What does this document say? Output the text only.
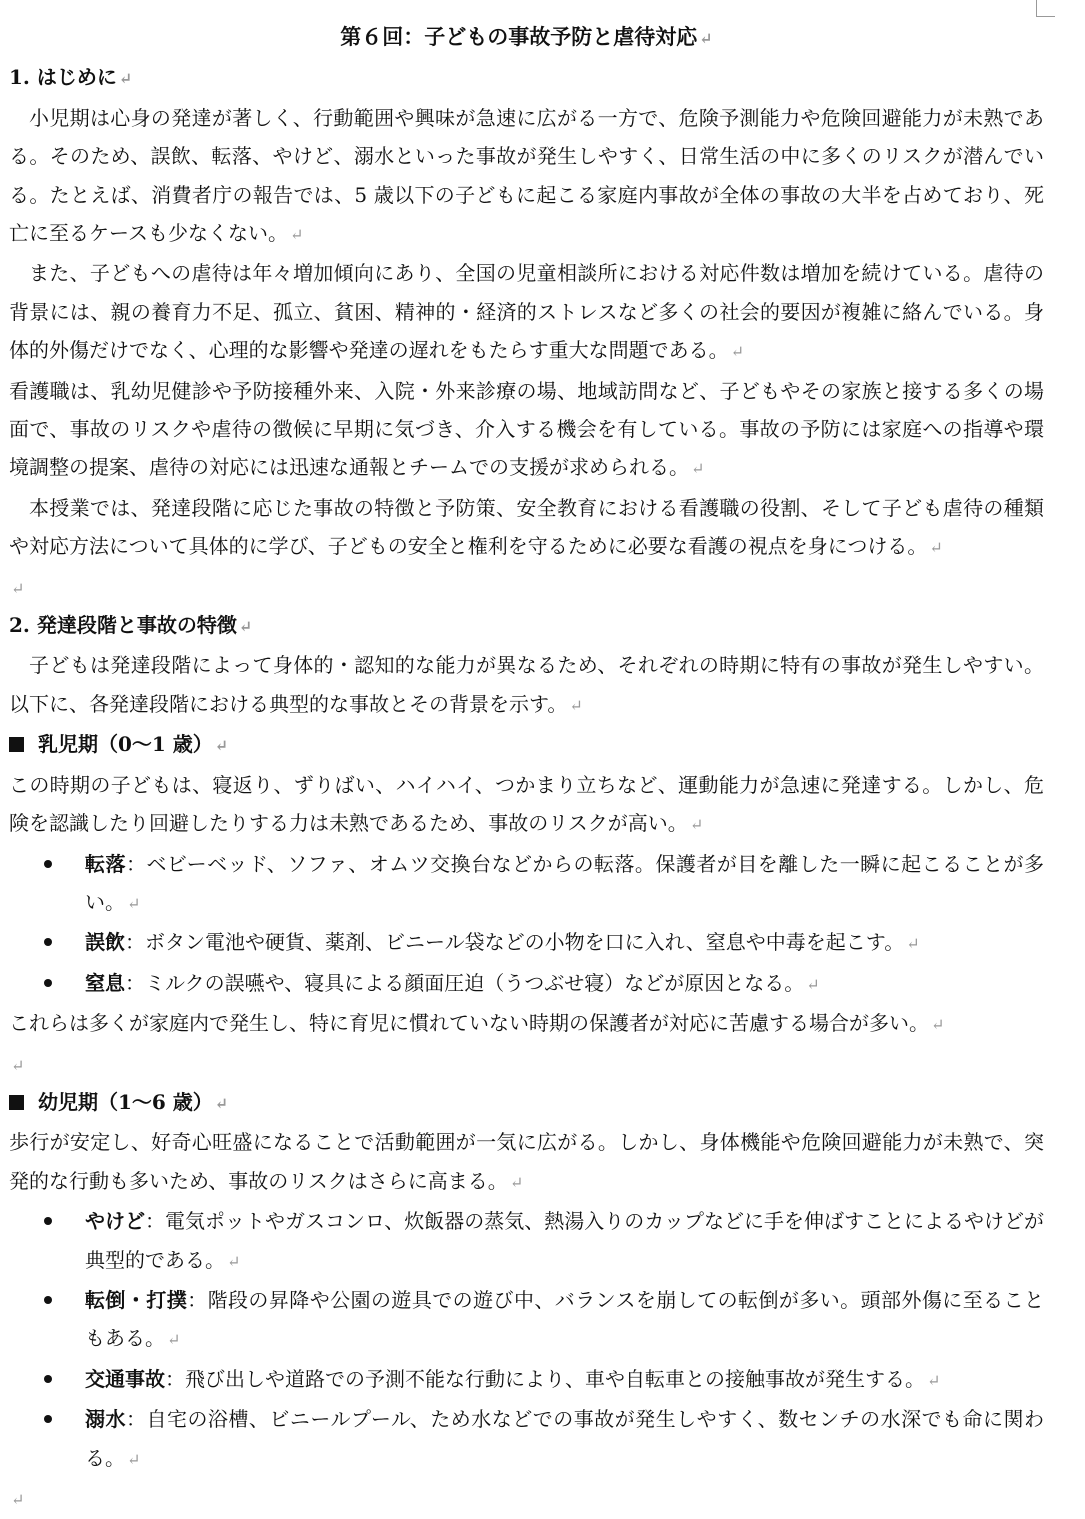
第６回：子どもの事故予防と虐待対応 ↵
1. はじめに ↵
小児期は心身の発達が著しく、行動範囲や興味が急速に広がる一方で、危険予測能力や危険回避能力が未熟である。そのため、誤飲、転落、やけど、溺水といった事故が発生しやすく、日常生活の中に多くのリスクが潜んでいる。たとえば、消費者庁の報告では、5 歳以下の子どもに起こる家庭内事故が全体の事故の大半を占めており、死亡に至るケースも少なくない。 ↵
また、子どもへの虐待は年々増加傾向にあり、全国の児童相談所における対応件数は増加を続けている。虐待の背景には、親の養育力不足、孤立、貧困、精神的・経済的ストレスなど多くの社会的要因が複雑に絡んでいる。身体的外傷だけでなく、心理的な影響や発達の遅れをもたらす重大な問題である。 ↵
看護職は、乳幼児健診や予防接種外来、入院・外来診療の場、地域訪問など、子どもやその家族と接する多くの場面で、事故のリスクや虐待の徴候に早期に気づき、介入する機会を有している。事故の予防には家庭への指導や環境調整の提案、虐待の対応には迅速な通報とチームでの支援が求められる。 ↵
本授業では、発達段階に応じた事故の特徴と予防策、安全教育における看護職の役割、そして子ども虐待の種類や対応方法について具体的に学び、子どもの安全と権利を守るために必要な看護の視点を身につける。 ↵
↵
2. 発達段階と事故の特徴 ↵
子どもは発達段階によって身体的・認知的な能力が異なるため、それぞれの時期に特有の事故が発生しやすい。以下に、各発達段階における典型的な事故とその背景を示す。 ↵
乳児期（0～1 歳） ↵
この時期の子どもは、寝返り、ずりばい、ハイハイ、つかまり立ちなど、運動能力が急速に発達する。しかし、危険を認識したり回避したりする力は未熟であるため、事故のリスクが高い。 ↵
転落：ベビーベッド、ソファ、オムツ交換台などからの転落。保護者が目を離した一瞬に起こることが多い。 ↵
誤飲：ボタン電池や硬貨、薬剤、ビニール袋などの小物を口に入れ、窒息や中毒を起こす。 ↵
窒息：ミルクの誤嚥や、寝具による顔面圧迫（うつぶせ寝）などが原因となる。 ↵
これらは多くが家庭内で発生し、特に育児に慣れていない時期の保護者が対応に苦慮する場合が多い。 ↵
↵
幼児期（1～6 歳） ↵
歩行が安定し、好奇心旺盛になることで活動範囲が一気に広がる。しかし、身体機能や危険回避能力が未熟で、突発的な行動も多いため、事故のリスクはさらに高まる。 ↵
やけど：電気ポットやガスコンロ、炊飯器の蒸気、熱湯入りのカップなどに手を伸ばすことによるやけどが典型的である。 ↵
転倒・打撲：階段の昇降や公園の遊具での遊び中、バランスを崩しての転倒が多い。頭部外傷に至ることもある。 ↵
交通事故：飛び出しや道路での予測不能な行動により、車や自転車との接触事故が発生する。 ↵
溺水：自宅の浴槽、ビニールプール、ため水などでの事故が発生しやすく、数センチの水深でも命に関わる。 ↵
↵
